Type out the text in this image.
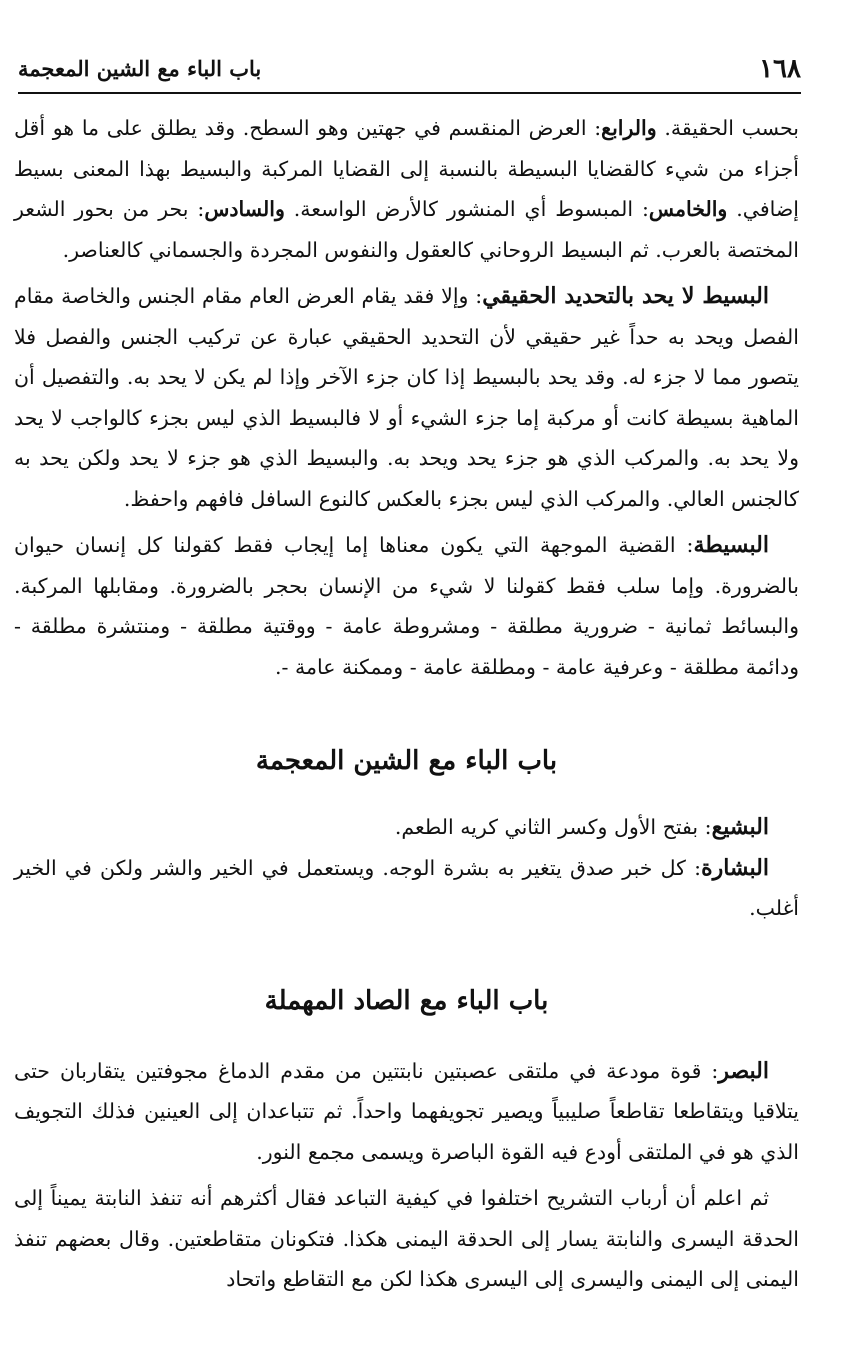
١٦٨
باب الباء مع الشين المعجمة

بحسب الحقيقة. والرابع: العرض المنقسم في جهتين وهو السطح. وقد يطلق على ما هو أقل أجزاء من شيء كالقضايا البسيطة بالنسبة إلى القضايا المركبة والبسيط بهذا المعنى بسيط إضافي. والخامس: المبسوط أي المنشور كالأرض الواسعة. والسادس: بحر من بحور الشعر المختصة بالعرب. ثم البسيط الروحاني كالعقول والنفوس المجردة والجسماني كالعناصر.

البسيط لا يحد بالتحديد الحقيقي: وإلا فقد يقام العرض العام مقام الجنس والخاصة مقام الفصل ويحد به حداً غير حقيقي لأن التحديد الحقيقي عبارة عن تركيب الجنس والفصل فلا يتصور مما لا جزء له. وقد يحد بالبسيط إذا كان جزء الآخر وإذا لم يكن لا يحد به. والتفصيل أن الماهية بسيطة كانت أو مركبة إما جزء الشيء أو لا فالبسيط الذي ليس بجزء كالواجب لا يحد ولا يحد به. والمركب الذي هو جزء يحد ويحد به. والبسيط الذي هو جزء لا يحد ولكن يحد به كالجنس العالي. والمركب الذي ليس بجزء بالعكس كالنوع السافل فافهم واحفظ.

البسيطة: القضية الموجهة التي يكون معناها إما إيجاب فقط كقولنا كل إنسان حيوان بالضرورة. وإما سلب فقط كقولنا لا شيء من الإنسان بحجر بالضرورة. ومقابلها المركبة. والبسائط ثمانية - ضرورية مطلقة - ومشروطة عامة - ووقتية مطلقة - ومنتشرة مطلقة - ودائمة مطلقة - وعرفية عامة - ومطلقة عامة - وممكنة عامة -.

باب الباء مع الشين المعجمة

البشيع: بفتح الأول وكسر الثاني كريه الطعم.

البشارة: كل خبر صدق يتغير به بشرة الوجه. ويستعمل في الخير والشر ولكن في الخير أغلب.

باب الباء مع الصاد المهملة

البصر: قوة مودعة في ملتقى عصبتين نابتتين من مقدم الدماغ مجوفتين يتقاربان حتى يتلاقيا ويتقاطعا تقاطعاً صليبياً ويصير تجويفهما واحداً. ثم تتباعدان إلى العينين فذلك التجويف الذي هو في الملتقى أودع فيه القوة الباصرة ويسمى مجمع النور.

ثم اعلم أن أرباب التشريح اختلفوا في كيفية التباعد فقال أكثرهم أنه تنفذ النابتة يميناً إلى الحدقة اليسرى والنابتة يسار إلى الحدقة اليمنى هكذا. فتكونان متقاطعتين. وقال بعضهم تنفذ اليمنى إلى اليمنى واليسرى إلى اليسرى هكذا لكن مع التقاطع واتحاد
